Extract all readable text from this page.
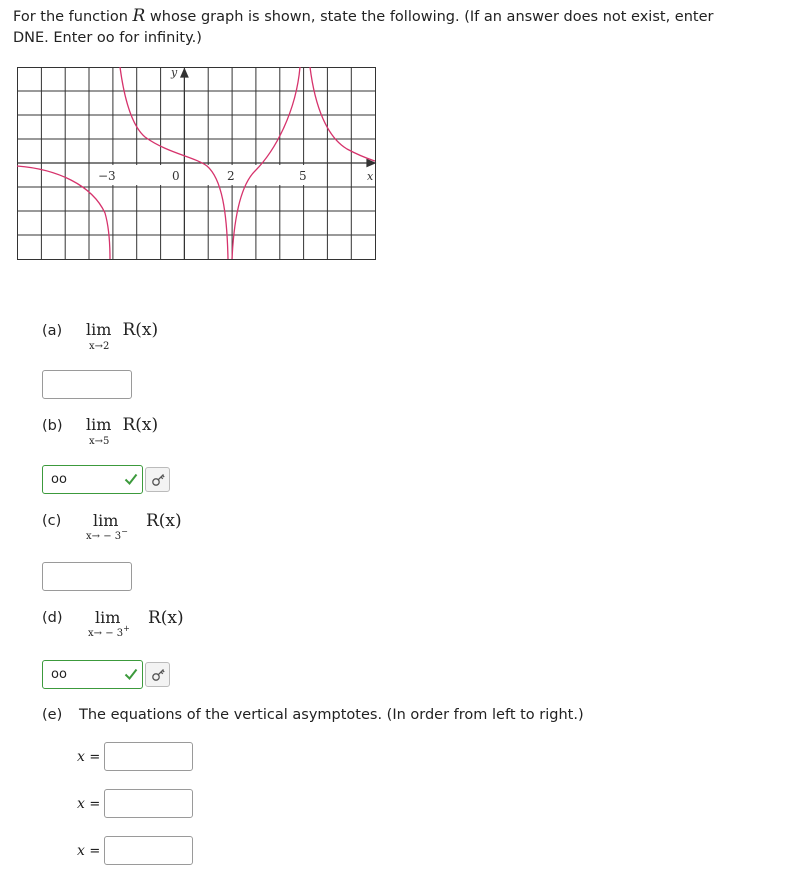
For the function R whose graph is shown, state the following. (If an answer does not exist, enter DNE. Enter oo for infinity.)
y
x
−3	0	2	5
(a) lim R(x)
x→2
(b) lim R(x)
x→5
oo
(c) lim R(x)
x→ − 3−
(d) lim R(x)
x→ − 3+
oo
(e) The equations of the vertical asymptotes. (In order from left to right.)
x =
x =
x =
